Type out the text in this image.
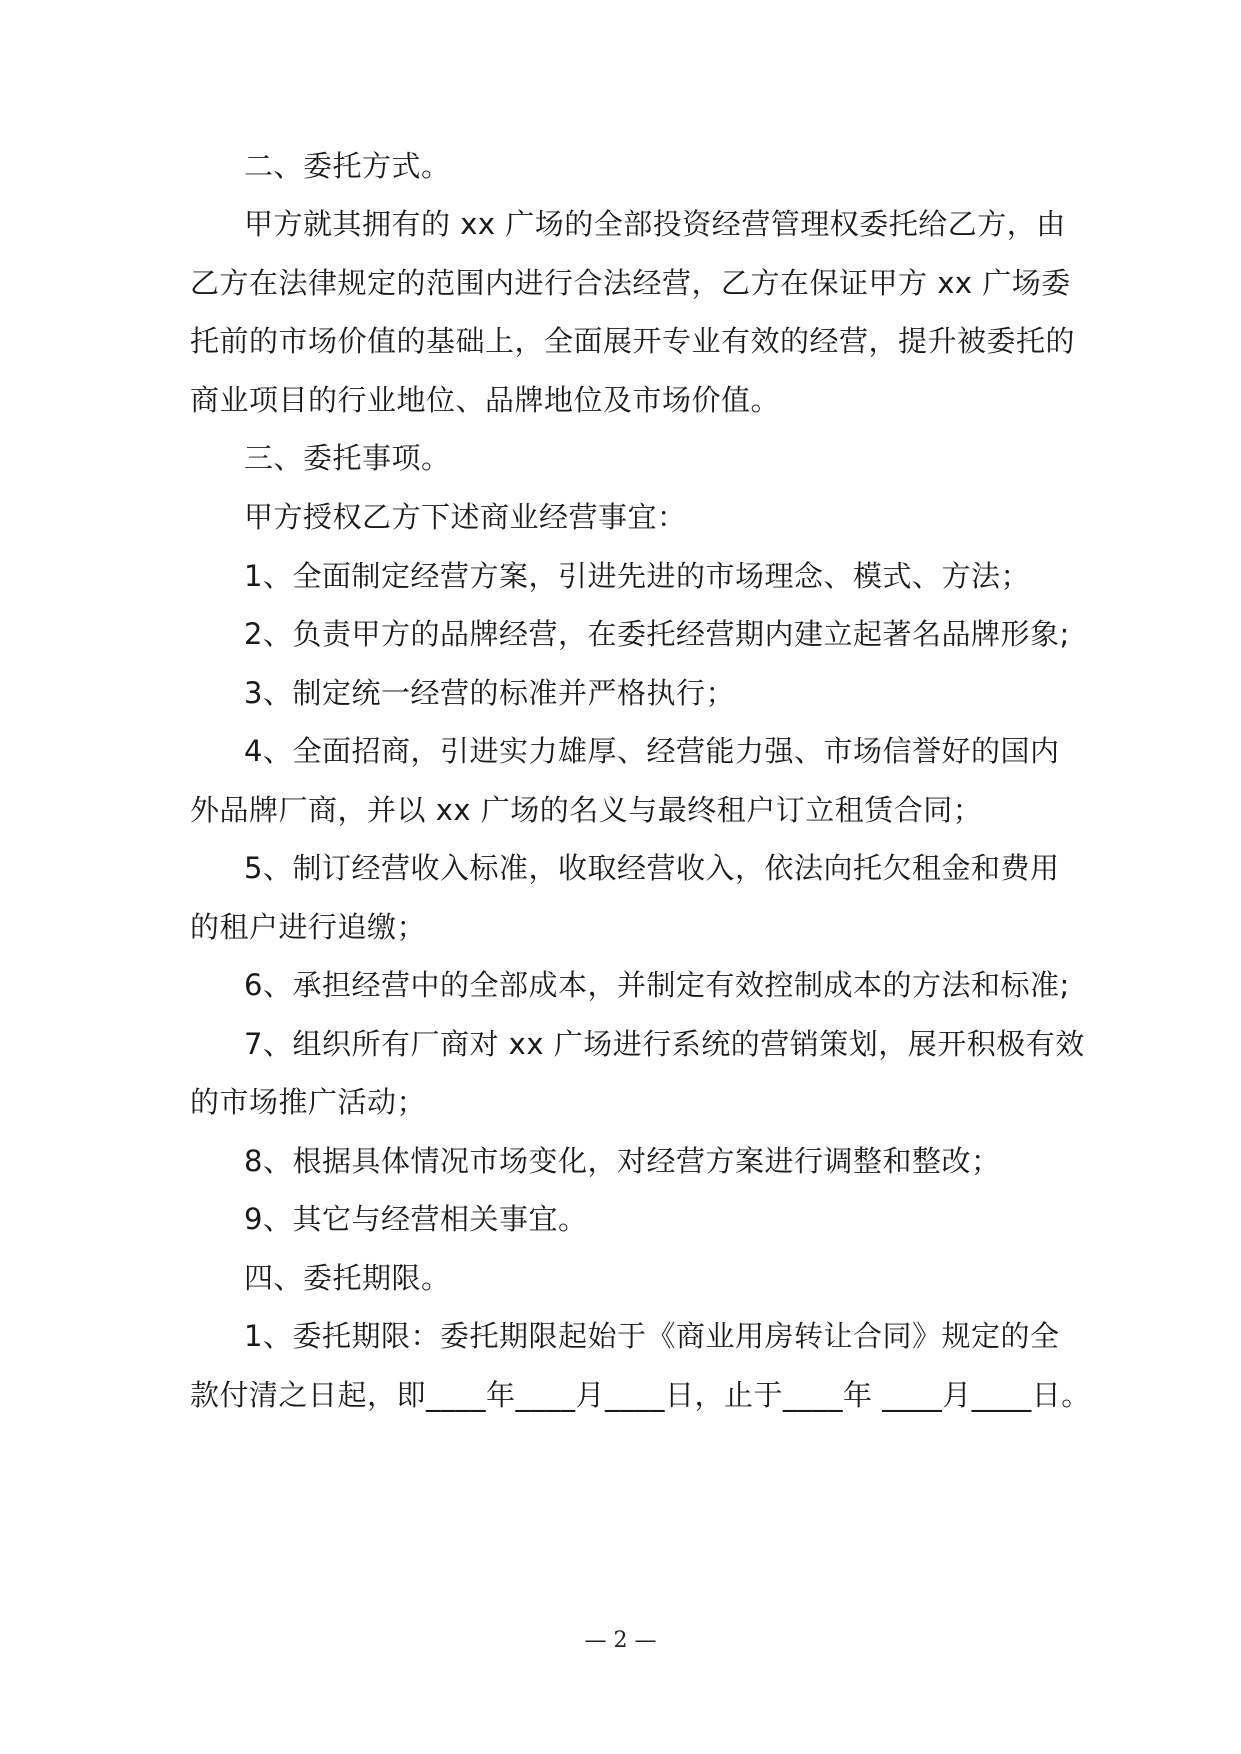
二、委托方式。
甲方就其拥有的 xx 广场的全部投资经营管理权委托给乙方，由
乙方在法律规定的范围内进行合法经营，乙方在保证甲方 xx 广场委
托前的市场价值的基础上，全面展开专业有效的经营，提升被委托的
商业项目的行业地位、品牌地位及市场价值。
三、委托事项。
甲方授权乙方下述商业经营事宜：
1、全面制定经营方案，引进先进的市场理念、模式、方法；
2、负责甲方的品牌经营，在委托经营期内建立起著名品牌形象;
3、制定统一经营的标准并严格执行；
4、全面招商，引进实力雄厚、经营能力强、市场信誉好的国内
外品牌厂商，并以 xx 广场的名义与最终租户订立租赁合同；
5、制订经营收入标准，收取经营收入，依法向托欠租金和费用
的租户进行追缴；
6、承担经营中的全部成本，并制定有效控制成本的方法和标准;
7、组织所有厂商对 xx 广场进行系统的营销策划，展开积极有效
的市场推广活动；
8、根据具体情况市场变化，对经营方案进行调整和整改；
9、其它与经营相关事宜。
四、委托期限。
1、委托期限：委托期限起始于《商业用房转让合同》规定的全
款付清之日起，即____年____月____日，止于____年 ____月____日。
— 2 —
